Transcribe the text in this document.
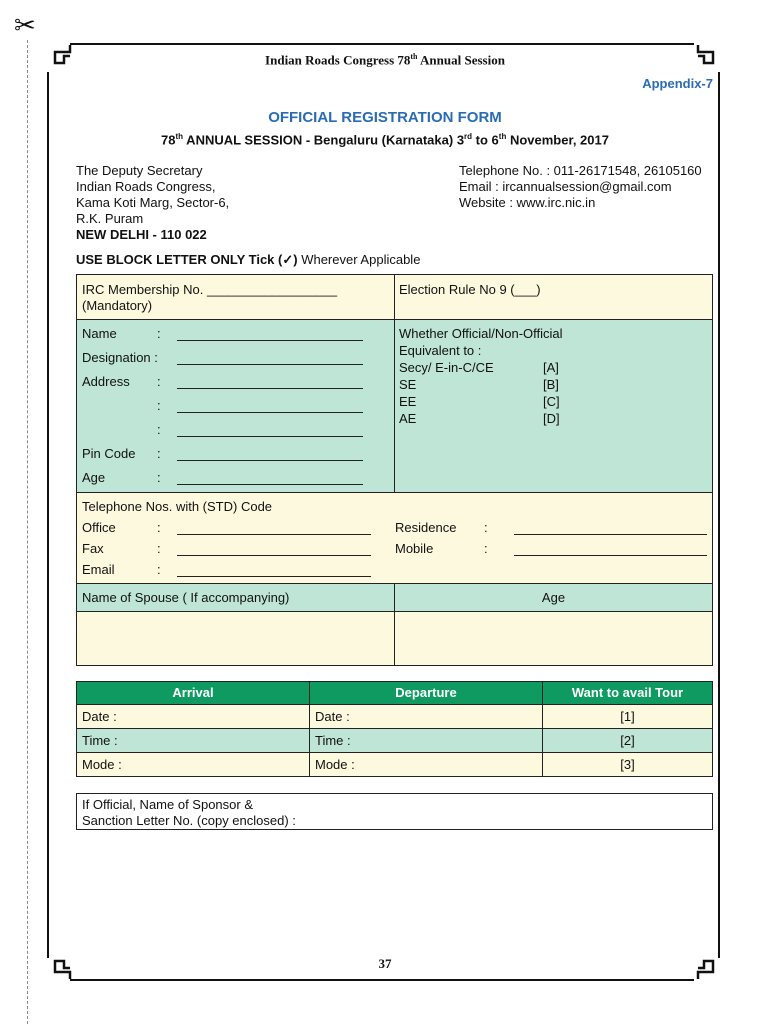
✂
Indian Roads Congress 78th Annual Session
Appendix-7
OFFICIAL REGISTRATION FORM
78th ANNUAL SESSION - Bengaluru (Karnataka) 3rd to 6th November, 2017
The Deputy Secretary
Indian Roads Congress,
Kama Koti Marg, Sector-6,
R.K. Puram
NEW DELHI - 110 022
Telephone No. : 011-26171548, 26105160
Email : ircannualsession@gmail.com
Website : www.irc.nic.in
USE BLOCK LETTER ONLY Tick (✓) Wherever Applicable
IRC Membership No. __________________
(Mandatory)
Election Rule No 9 (___)
Name	:
Designation :
Address :
:
:
Pin Code :
Age	:
Whether Official/Non-Official
Equivalent to :
Secy/ E-in-C/CE	[A]
SE	[B]
EE	[C]
AE	[D]
Telephone Nos. with (STD) Code
Office	:	Residence :
Fax	:	Mobile	:
Email	:
Name of Spouse ( If accompanying)	Age
Arrival	Departure	Want to avail Tour
Date :	Date :	[1]
Time :	Time :	[2]
Mode :	Mode :	[3]
If Official, Name of Sponsor &
Sanction Letter No. (copy enclosed) :
37
